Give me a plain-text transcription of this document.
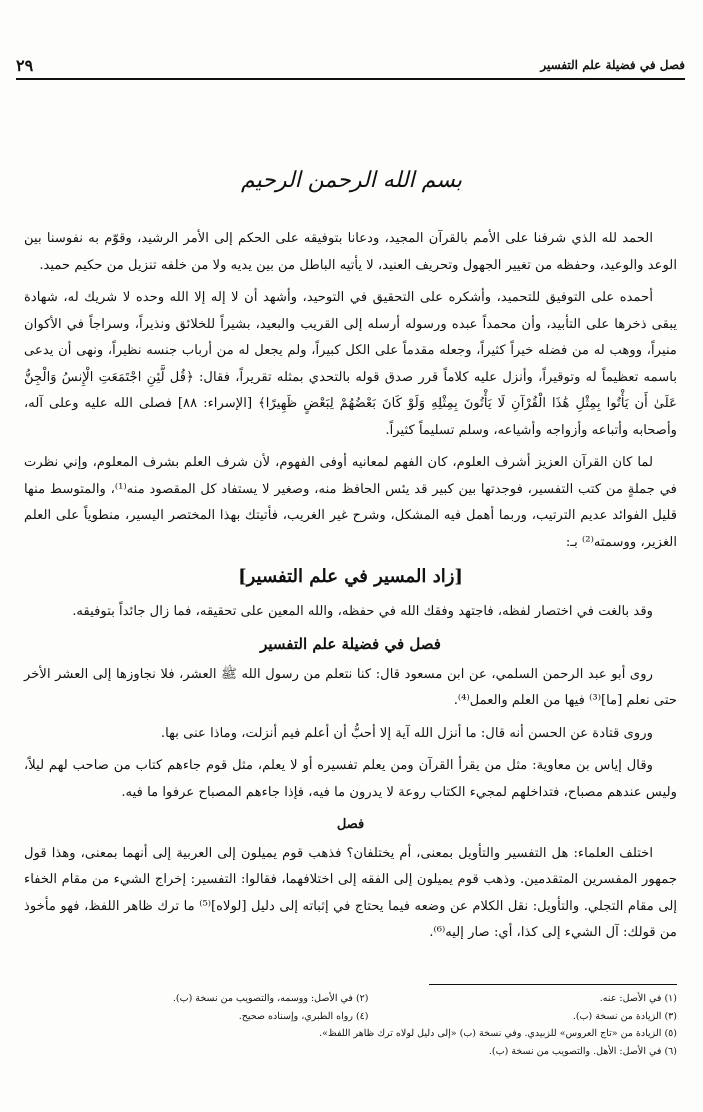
فصل في فضيلة علم التفسير
٢٩
بسم الله الرحمن الرحيم

الحمد لله الذي شرفنا على الأمم بالقرآن المجيد، ودعانا بتوفيقه على الحكم إلى الأمر الرشيد، وقوّم به نفوسنا بين الوعد والوعيد، وحفظه من تغيير الجهول وتحريف العنيد، لا يأتيه الباطل من بين يديه ولا من خلفه تنزيل من حكيم حميد.

أحمده على التوفيق للتحميد، وأشكره على التحقيق في التوحيد، وأشهد أن لا إله إلا الله وحده لا شريك له، شهادة يبقى ذخرها على التأبيد، وأن محمداً عبده ورسوله أرسله إلى القريب والبعيد، بشيراً للخلائق ونذيراً، وسراجاً في الأكوان منيراً، ووهب له من فضله خيراً كثيراً، وجعله مقدماً على الكل كبيراً، ولم يجعل له من أرباب جنسه نظيراً، ونهى أن يدعى باسمه تعظيماً له وتوقيراً، وأنزل عليه كلاماً قرر صدق قوله بالتحدي بمثله تقريراً، فقال: ﴿قُل لَّئِنِ اجْتَمَعَتِ الْإِنسُ وَالْجِنُّ عَلَىٰ أَن يَأْتُوا بِمِثْلِ هَٰذَا الْقُرْآنِ لَا يَأْتُونَ بِمِثْلِهِ وَلَوْ كَانَ بَعْضُهُمْ لِبَعْضٍ ظَهِيرًا﴾ [الإسراء: ٨٨] فصلى الله عليه وعلى آله، وأصحابه وأتباعه وأزواجه وأشياعه، وسلم تسليماً كثيراً.

لما كان القرآن العزيز أشرف العلوم، كان الفهم لمعانيه أوفى الفهوم، لأن شرف العلم بشرف المعلوم، وإني نظرت في جملةٍ من كتب التفسير، فوجدتها بين كبير قد يئس الحافظ منه، وصغير لا يستفاد كل المقصود منه⁽¹⁾، والمتوسط منها قليل الفوائد عديم الترتيب، وربما أهمل فيه المشكل، وشرح غير الغريب، فأتيتك بهذا المختصر اليسير، منطوياً على العلم الغزير، ووسمته⁽²⁾ بـ:

[زاد المسير في علم التفسير]

وقد بالغت في اختصار لفظه، فاجتهد وفقك الله في حفظه، والله المعين على تحقيقه، فما زال جائداً بتوفيقه.

فصل في فضيلة علم التفسير

روى أبو عبد الرحمن السلمي، عن ابن مسعود قال: كنا نتعلم من رسول الله ﷺ العشر، فلا نجاوزها إلى العشر الأخر حتى نعلم [ما]⁽³⁾ فيها من العلم والعمل⁽⁴⁾.

وروى قتادة عن الحسن أنه قال: ما أنزل الله آية إلا أحبُّ أن أعلم فيم أنزلت، وماذا عنى بها.

وقال إياس بن معاوية: مثل من يقرأ القرآن ومن يعلم تفسيره أو لا يعلم، مثل قوم جاءهم كتاب من صاحب لهم ليلاً، وليس عندهم مصباح، فتداخلهم لمجيء الكتاب روعة لا يدرون ما فيه، فإذا جاءهم المصباح عرفوا ما فيه.

فصل

اختلف العلماء: هل التفسير والتأويل بمعنى، أم يختلفان؟ فذهب قوم يميلون إلى العربية إلى أنهما بمعنى، وهذا قول جمهور المفسرين المتقدمين. وذهب قوم يميلون إلى الفقه إلى اختلافهما، فقالوا: التفسير: إخراج الشيء من مقام الخفاء إلى مقام التجلي. والتأويل: نقل الكلام عن وضعه فيما يحتاج في إثباته إلى دليل [لولاه]⁽⁵⁾ ما ترك ظاهر اللفظ، فهو مأخوذ من قولك: آل الشيء إلى كذا، أي: صار إليه⁽⁶⁾.

(١) في الأصل: عنه.
(٢) في الأصل: ووسمه، والتصويب من نسخة (ب).
(٣) الزيادة من نسخة (ب).
(٤) رواه الطبري، وإسناده صحيح.
(٥) الزيادة من «تاج العروس» للزبيدي. وفي نسخة (ب) «إلى دليل لولاه ترك ظاهر اللفظ».
(٦) في الأصل: الأهل. والتصويب من نسخة (ب).
